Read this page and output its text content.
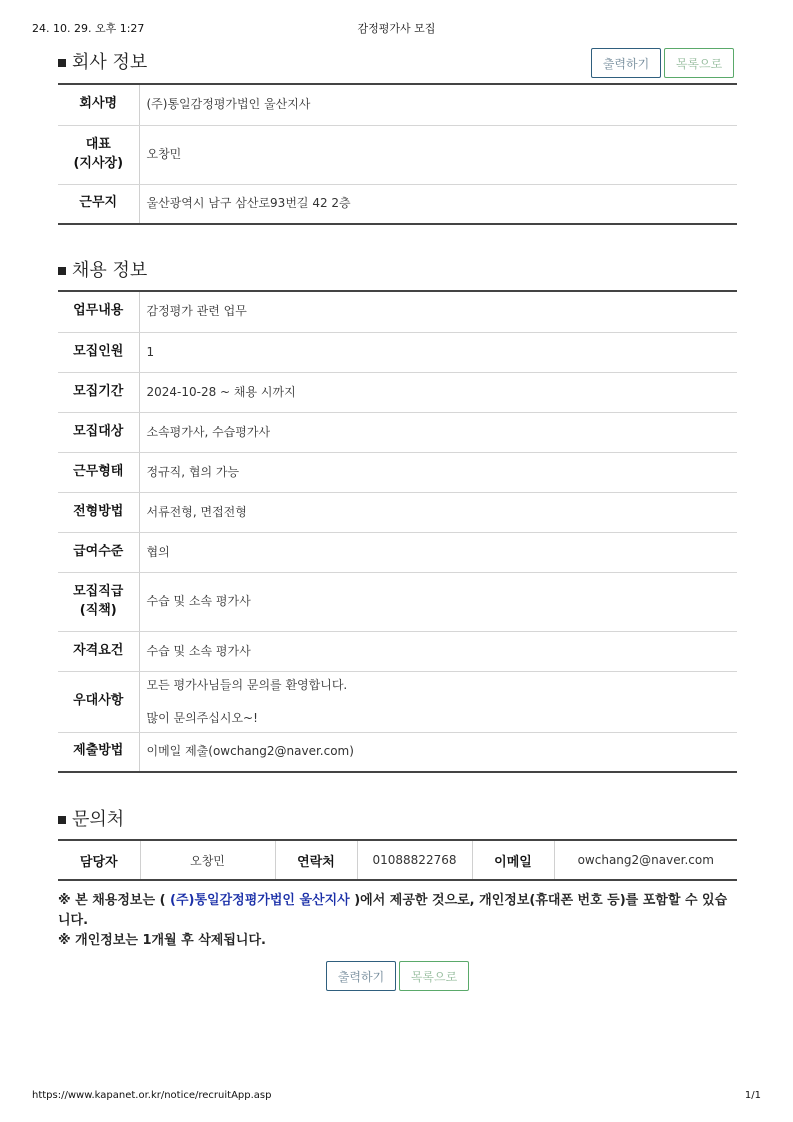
24. 10. 29. 오후 1:27	감정평가사 모집
회사 정보	출력하기	목록으로
회사명	(주)통일감정평가법인 울산지사

대표
(지사장)	오창민
근무지	울산광역시 남구 삼산로93번길 42 2층
채용 정보
업무내용	감정평가 관련 업무
모집인원	1
모집기간	2024-10-28 ~ 채용 시까지
모집대상	소속평가사, 수습평가사
근무형태	정규직, 협의 가능
전형방법	서류전형, 면접전형
급여수준	협의

모집직급
(직책)	수습 및 소속 평가사
자격요건	수습 및 소속 평가사
우대사항	모든 평가사님들의 문의를 환영합니다.
많이 문의주십시오~!

제출방법	이메일 제출(owchang2@naver.com)
문의처
담당자	오창민	연락처	01088822768	이메일	owchang2@naver.com
※ 본 채용정보는 ( (주)통일감정평가법인 울산지사 )에서 제공한 것으로, 개인정보(휴대폰 번호 등)를 포함할 수 있습니다.
※ 개인정보는 1개월 후 삭제됩니다.
출력하기	목록으로
https://www.kapanet.or.kr/notice/recruitApp.asp	1/1
